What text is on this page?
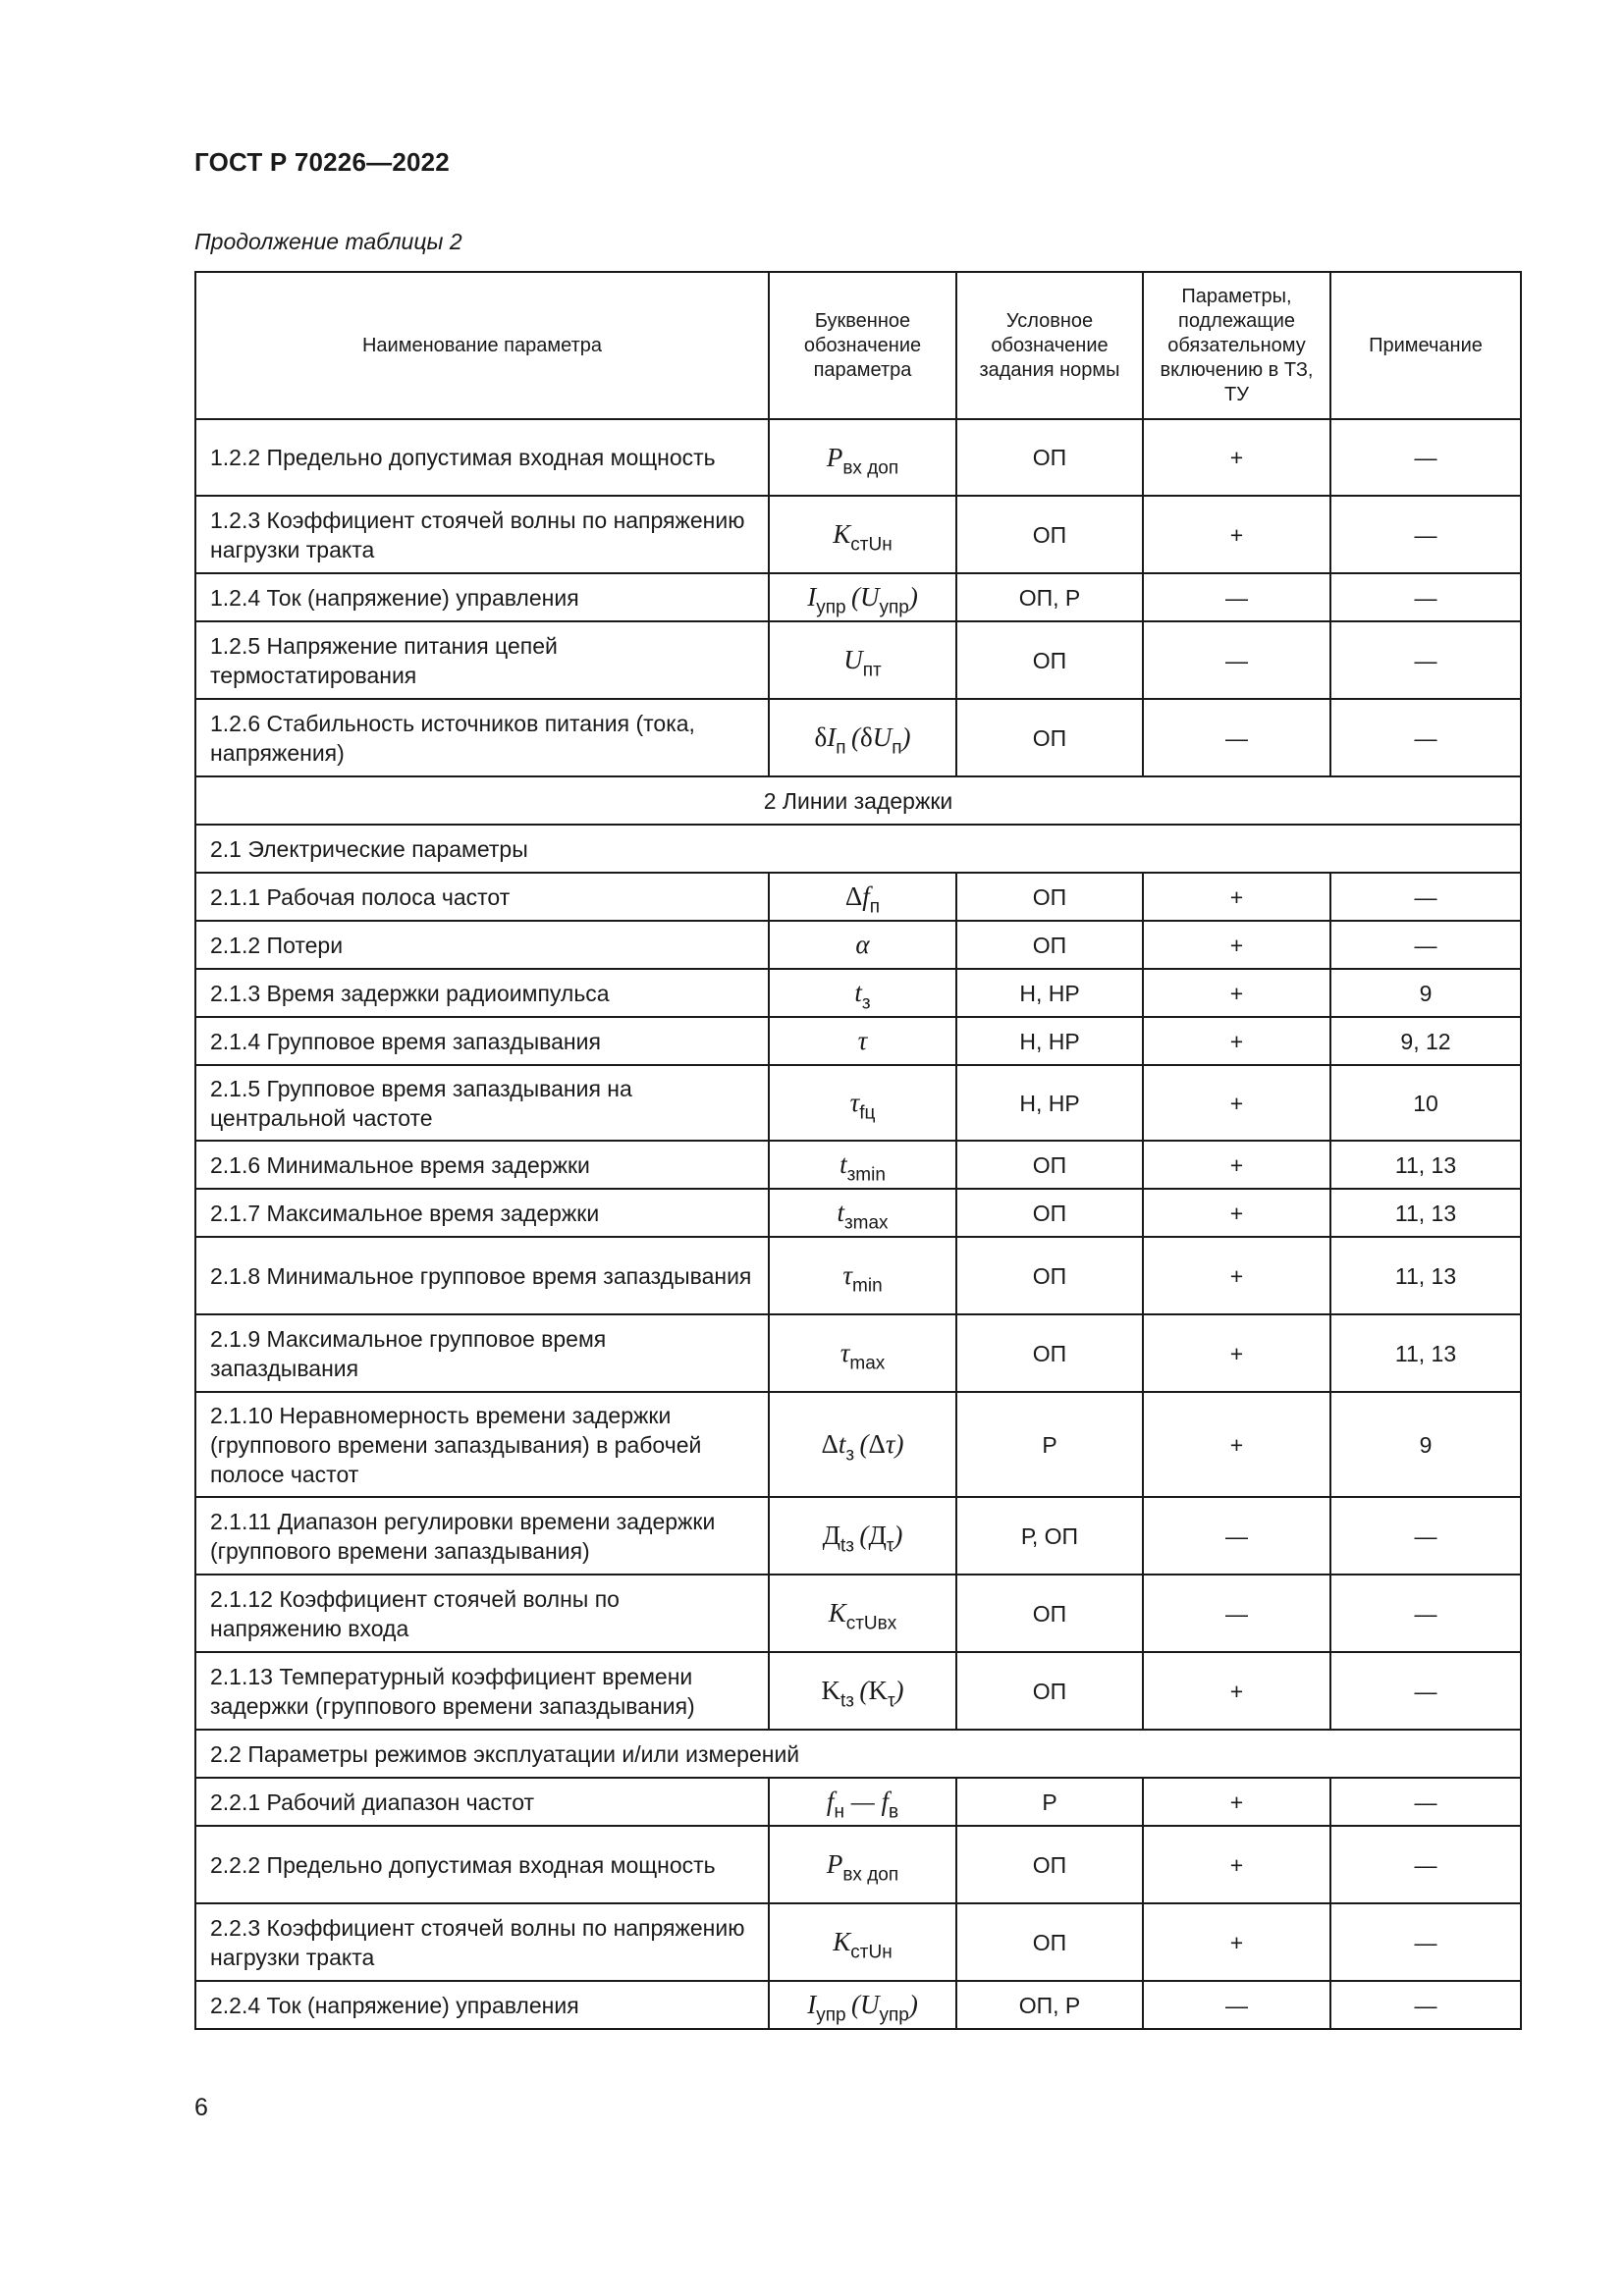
ГОСТ Р 70226—2022
Продолжение таблицы 2
Наименование параметра	Буквенное обозначение параметра	Условное обозначение задания нормы	Параметры, подлежащие обязательному включению в ТЗ, ТУ	Примечание
1.2.2 Предельно допустимая входная мощность	$P_{вх доп}$	ОП	+	—
1.2.3 Коэффициент стоячей волны по напряжению нагрузки тракта	$K_{стUн}$	ОП	+	—
1.2.4 Ток (напряжение) управления	$I_{упр}$ $(U_{упр})$	ОП, Р	—	—
1.2.5 Напряжение питания цепей термостатирования	$U_{пт}$	ОП	—	—
1.2.6 Стабильность источников питания (тока, напряжения)	$\delta I_п$ $(\delta U_п)$	ОП	—	—
2 Линии задержки				
2.1 Электрические параметры				
2.1.1 Рабочая полоса частот	$\Delta f_п$	ОП	+	—
2.1.2 Потери	α	ОП	+	—
2.1.3 Время задержки радиоимпульса	$t_з$	Н, НР	+	9
2.1.4 Групповое время запаздывания	τ	Н, НР	+	9, 12
2.1.5 Групповое время запаздывания на центральной частоте	$\tau_{fц}$	Н, НР	+	10
2.1.6 Минимальное время задержки	$t_{зmin}$	ОП	+	11, 13
2.1.7 Максимальное время задержки	$t_{зmax}$	ОП	+	11, 13
2.1.8 Минимальное групповое время запаздывания	$\tau_{min}$	ОП	+	11, 13
2.1.9 Максимальное групповое время запаздывания	$\tau_{max}$	ОП	+	11, 13
2.1.10 Неравномерность времени задержки (группового времени запаздывания) в рабочей полосе частот	$\Delta t_з$ (Δτ)	Р	+	9
2.1.11 Диапазон регулировки времени задержки (группового времени запаздывания)	$Д_{tз}$ $(Д_\tau)$	Р, ОП	—	—
2.1.12 Коэффициент стоячей волны по напряжению входа	$K_{стUвх}$	ОП	—	—
2.1.13 Температурный коэффициент времени задержки (группового времени запаздывания)	$K_{tз}$ $(K_\tau)$	ОП	+	—
2.2 Параметры режимов эксплуатации и/или измерений				
2.2.1 Рабочий диапазон частот	$f_н$ — $f_в$	Р	+	—
2.2.2 Предельно допустимая входная мощность	$P_{вх доп}$	ОП	+	—
2.2.3 Коэффициент стоячей волны по напряжению нагрузки тракта	$K_{стUн}$	ОП	+	—
2.2.4 Ток (напряжение) управления	$I_{упр}$ $(U_{упр})$	ОП, Р	—	—
6
